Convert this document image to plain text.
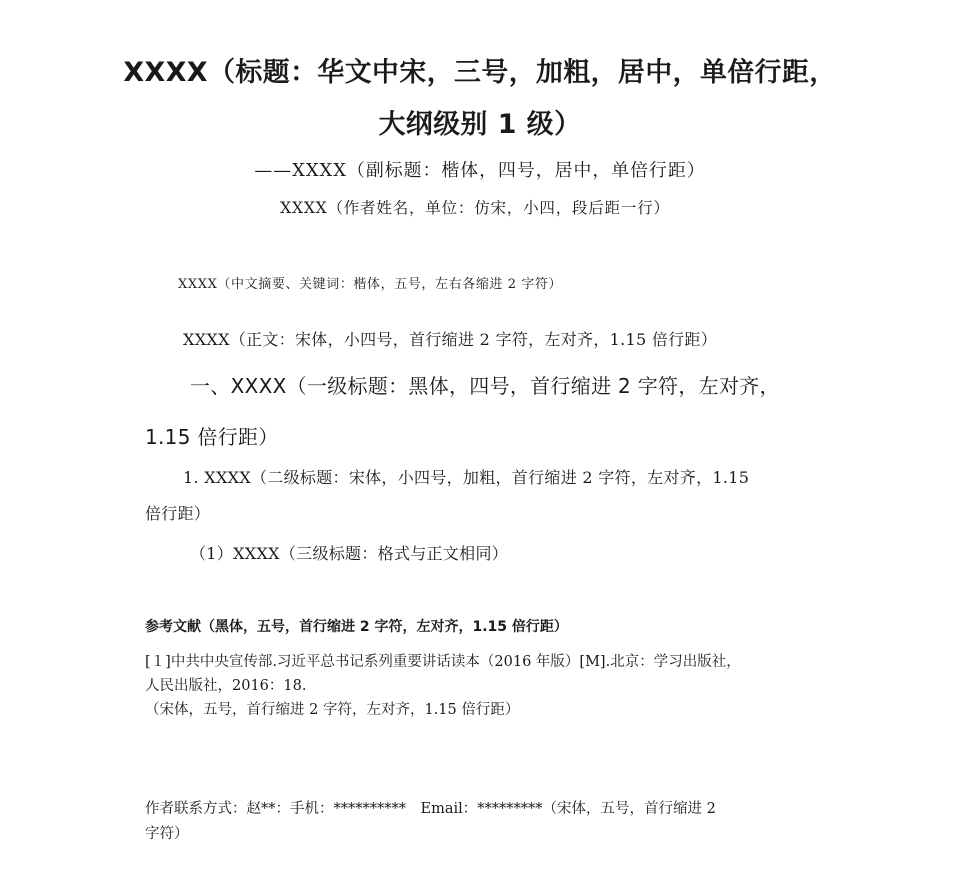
XXXX（标题：华文中宋，三号，加粗，居中，单倍行距，
大纲级别 1 级）

——XXXX（副标题：楷体，四号，居中，单倍行距）

XXXX（作者姓名，单位：仿宋，小四，段后距一行）

XXXX（中文摘要、关键词：楷体，五号，左右各缩进 2 字符）

XXXX（正文：宋体，小四号，首行缩进 2 字符，左对齐，1.15 倍行距）

一、XXXX（一级标题：黑体，四号，首行缩进 2 字符，左对齐，

1.15 倍行距）

1. XXXX（二级标题：宋体，小四号，加粗，首行缩进 2 字符，左对齐，1.15

倍行距）

（1）XXXX（三级标题：格式与正文相同）

参考文献（黑体，五号，首行缩进 2 字符，左对齐，1.15 倍行距）

[１]中共中央宣传部.习近平总书记系列重要讲话读本（2016 年版）[M].北京：学习出版社，

人民出版社，2016：18.

（宋体，五号，首行缩进 2 字符，左对齐，1.15 倍行距）

作者联系方式：赵**：手机：**********　Email：*********（宋体，五号，首行缩进 2

字符）
